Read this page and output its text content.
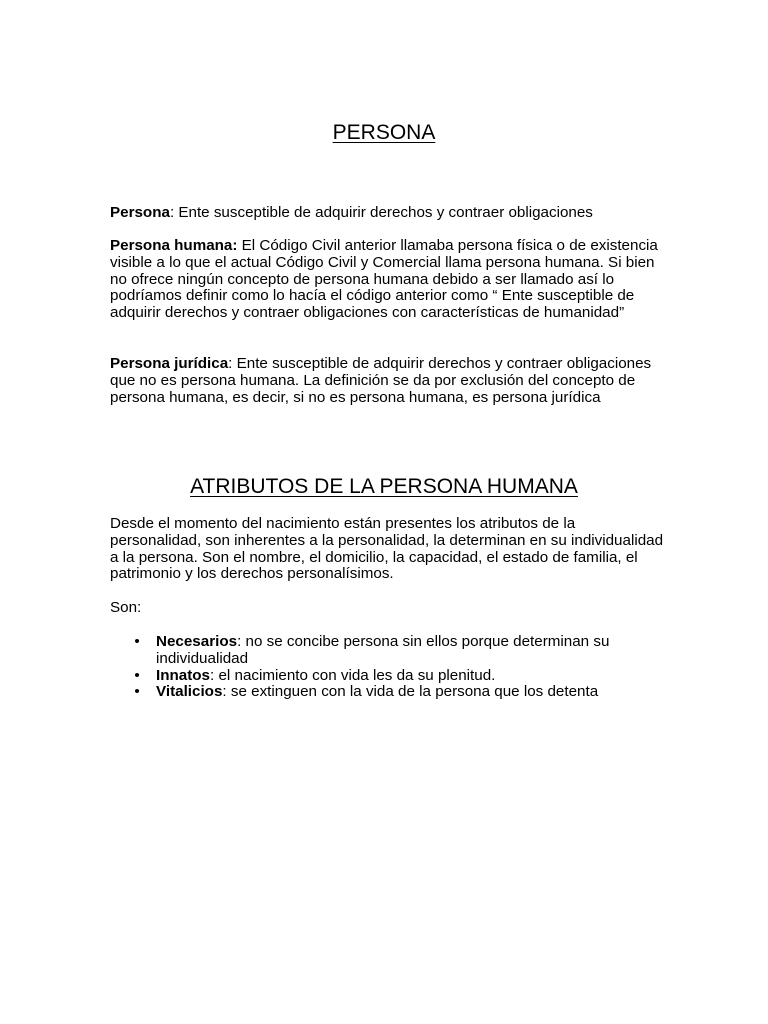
PERSONA

Persona: Ente susceptible de adquirir derechos y contraer obligaciones

Persona humana: El Código Civil anterior llamaba persona física o de existencia visible a lo que el actual Código Civil y Comercial llama persona humana. Si bien no ofrece ningún concepto de persona humana debido a ser llamado así lo podríamos definir como lo hacía el código anterior como “ Ente susceptible de adquirir derechos y contraer obligaciones con características de humanidad”

Persona jurídica: Ente susceptible de adquirir derechos y contraer obligaciones que no es persona humana. La definición se da por exclusión del concepto de persona humana, es decir, si no es persona humana, es persona jurídica

ATRIBUTOS DE LA PERSONA HUMANA

Desde el momento del nacimiento están presentes los atributos de la personalidad, son inherentes a la personalidad, la determinan en su individualidad a la persona. Son el nombre, el domicilio, la capacidad, el estado de familia, el patrimonio y los derechos personalísimos.

Son:

• Necesarios: no se concibe persona sin ellos porque determinan su individualidad
• Innatos: el nacimiento con vida les da su plenitud.
• Vitalicios: se extinguen con la vida de la persona que los detenta
